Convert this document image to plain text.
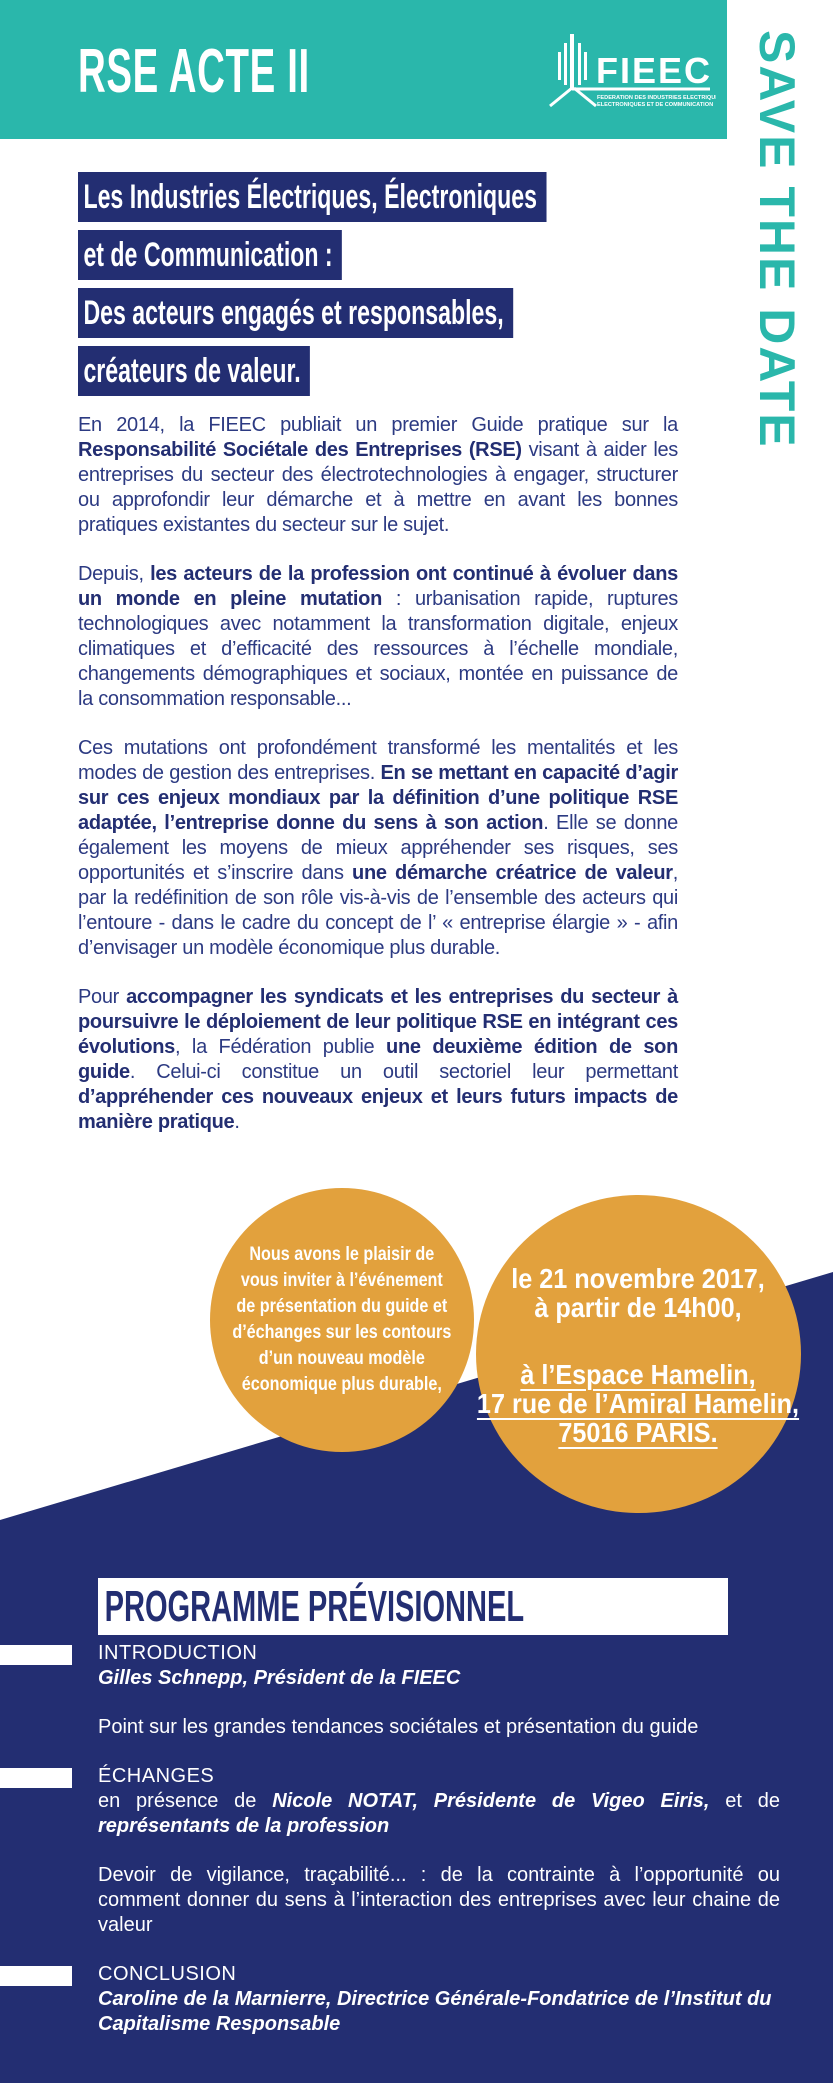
RSE ACTE II	FIEEC
FEDERATION DES INDUSTRIES ELECTRIQUES,
ELECTRONIQUES ET DE COMMUNICATION SAVE THE DATE
Les Industries Électriques, Électroniques
et de Communication :
Des acteurs engagés et responsables,
créateurs de valeur.

En 2014, la FIEEC publiait un premier Guide pratique sur la Responsabilité Sociétale des Entreprises (RSE) visant à aider les entreprises du secteur des électrotechnologies à engager, structurer ou approfondir leur démarche et à mettre en avant les bonnes pratiques existantes du secteur sur le sujet.

Depuis, les acteurs de la profession ont continué à évoluer dans un monde en pleine mutation : urbanisation rapide, ruptures technologiques avec notamment la transformation digitale, enjeux climatiques et d’efficacité des ressources à l’échelle mondiale, changements démographiques et sociaux, montée en puissance de la consommation responsable...

Ces mutations ont profondément transformé les mentalités et les modes de gestion des entreprises. En se mettant en capacité d’agir sur ces enjeux mondiaux par la définition d’une politique RSE adaptée, l’entreprise donne du sens à son action. Elle se donne également les moyens de mieux appréhender ses risques, ses opportunités et s’inscrire dans une démarche créatrice de valeur, par la redéfinition de son rôle vis-à-vis de l’ensemble des acteurs qui l’entoure - dans le cadre du concept de l’ « entreprise élargie » - afin d’envisager un modèle économique plus durable.

Pour accompagner les syndicats et les entreprises du secteur à poursuivre le déploiement de leur politique RSE en intégrant ces évolutions, la Fédération publie une deuxième édition de son guide. Celui-ci constitue un outil sectoriel leur permettant d’appréhender ces nouveaux enjeux et leurs futurs impacts de manière pratique.

Nous avons le plaisir de
vous inviter à l’événement
de présentation du guide et
d’échanges sur les contours
d’un nouveau modèle
économique plus durable,
le 21 novembre 2017,
à partir de 14h00,
à l’Espace Hamelin,
17 rue de l’Amiral Hamelin,
75016 PARIS.
PROGRAMME PRÉVISIONNEL
INTRODUCTION
Gilles Schnepp, Président de la FIEEC
Point sur les grandes tendances sociétales et présentation du guide
ÉCHANGES
en présence de Nicole NOTAT, Présidente de Vigeo Eiris, et de représentants de la profession
Devoir de vigilance, traçabilité... : de la contrainte à l’opportunité ou comment donner du sens à l’interaction des entreprises avec leur chaine de valeur
CONCLUSION
Caroline de la Marnierre, Directrice Générale-Fondatrice de l’Institut du Capitalisme Responsable
